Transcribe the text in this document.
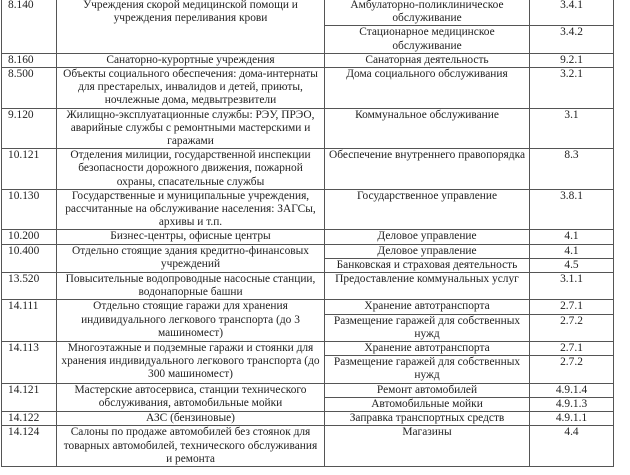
8.140	Учреждения скорой медицинской помощи и учреждения переливания крови	Амбулаторно-поликлиническое обслуживание	3.4.1
		Стационарное медицинское обслуживание	3.4.2
8.160	Санаторно-курортные учреждения	Санаторная деятельность	9.2.1
8.500	Объекты социального обеспечения: дома-интернаты для престарелых, инвалидов и детей, приюты, ночлежные дома, медвытрезвители	Дома социального обслуживания	3.2.1
9.120	Жилищно-эксплуатационные службы: РЭУ, ПРЭО, аварийные службы с ремонтными мастерскими и гаражами	Коммунальное обслуживание	3.1
10.121	Отделения милиции, государственной инспекции безопасности дорожного движения, пожарной охраны, спасательные службы	Обеспечение внутреннего правопорядка	8.3
10.130	Государственные и муниципальные учреждения, рассчитанные на обслуживание населения: ЗАГСы, архивы и т.п.	Государственное управление	3.8.1
10.200	Бизнес-центры, офисные центры	Деловое управление	4.1
10.400	Отдельно стоящие здания кредитно-финансовых учреждений	Деловое управление	4.1
		Банковская и страховая деятельность	4.5
13.520	Повысительные водопроводные насосные станции, водонапорные башни	Предоставление коммунальных услуг	3.1.1
14.111	Отдельно стоящие гаражи для хранения индивидуального легкового транспорта (до 3 машиномест)	Хранение автотранспорта	2.7.1
		Размещение гаражей для собственных нужд	2.7.2
14.113	Многоэтажные и подземные гаражи и стоянки для хранения индивидуального легкового транспорта (до 300 машиномест)	Хранение автотранспорта	2.7.1
		Размещение гаражей для собственных нужд	2.7.2
14.121	Мастерские автосервиса, станции технического обслуживания, автомобильные мойки	Ремонт автомобилей	4.9.1.4
		Автомобильные мойки	4.9.1.3
14.122	АЗС (бензиновые)	Заправка транспортных средств	4.9.1.1
14.124	Салоны по продаже автомобилей без стоянок для товарных автомобилей, технического обслуживания и ремонта	Магазины	4.4
